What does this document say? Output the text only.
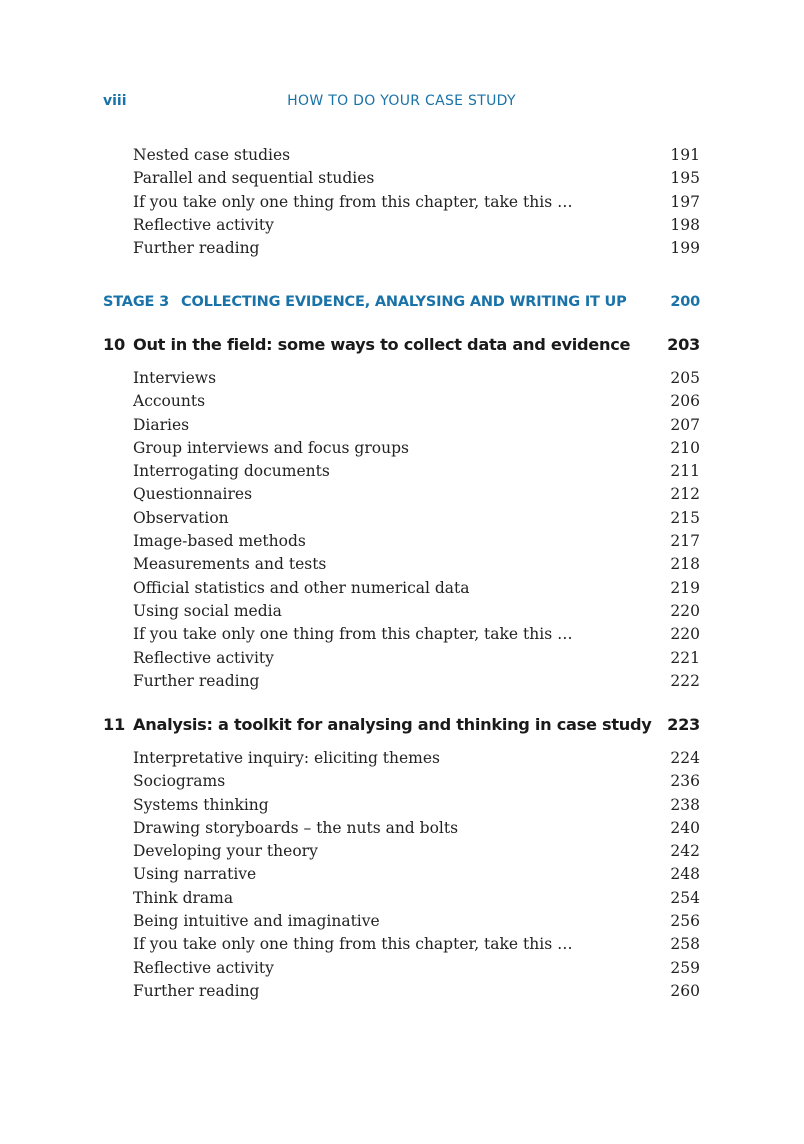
viii	HOW TO DO YOUR CASE STUDY
Nested case studies	191
Parallel and sequential studies	195
If you take only one thing from this chapter, take this …	197
Reflective activity	198
Further reading	199
STAGE 3 COLLECTING EVIDENCE, ANALYSING AND WRITING IT UP	200
10 Out in the field: some ways to collect data and evidence 203
Interviews	205
Accounts	206
Diaries	207
Group interviews and focus groups	210
Interrogating documents	211
Questionnaires	212
Observation	215
Image-based methods	217
Measurements and tests	218
Official statistics and other numerical data	219
Using social media	220
If you take only one thing from this chapter, take this …	220
Reflective activity	221
Further reading	222
11 Analysis: a toolkit for analysing and thinking in case study 223
Interpretative inquiry: eliciting themes	224
Sociograms	236
Systems thinking	238
Drawing storyboards – the nuts and bolts	240
Developing your theory	242
Using narrative	248
Think drama	254
Being intuitive and imaginative	256
If you take only one thing from this chapter, take this …	258
Reflective activity	259
Further reading	260
